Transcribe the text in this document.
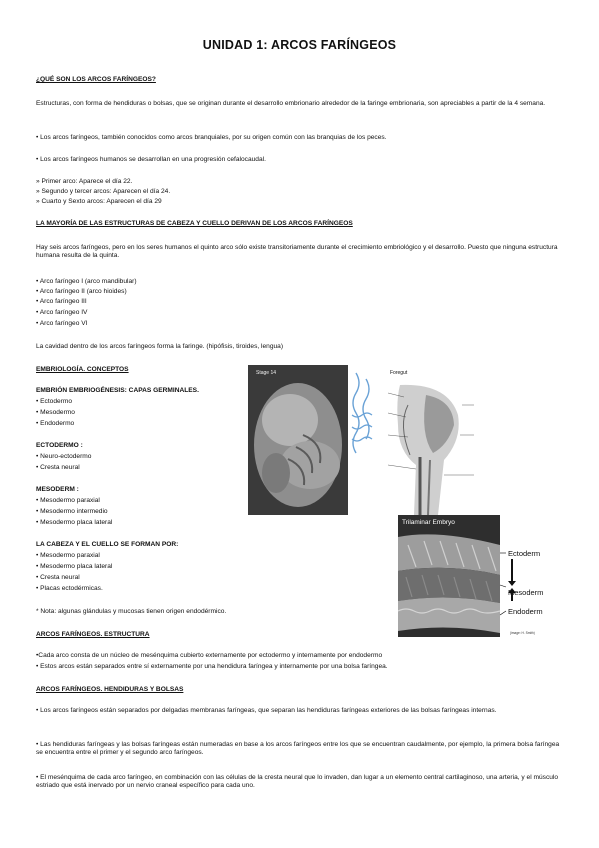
UNIDAD 1: ARCOS FARÍNGEOS
¿QUÉ SON LOS ARCOS FARÍNGEOS?
Estructuras, con forma de hendiduras o bolsas, que se originan durante el desarrollo embrionario alrededor de la faringe embrionaria, son apreciables a partir de la 4 semana.
• Los arcos faríngeos, también conocidos como arcos branquiales, por su origen común con las branquias de los peces.
• Los arcos faríngeos humanos se desarrollan en una progresión cefalocaudal.
» Primer arco: Aparece el día 22.
» Segundo y tercer arcos: Aparecen el día 24.
» Cuarto y Sexto arcos: Aparecen el día 29
LA MAYORÍA DE LAS ESTRUCTURAS DE CABEZA Y CUELLO DERIVAN DE LOS ARCOS FARÍNGEOS
Hay seis arcos faríngeos, pero en los seres humanos el quinto arco sólo existe transitoriamente durante el crecimiento embriológico y el desarrollo. Puesto que ninguna estructura humana resulta de la quinta.
• Arco faríngeo I (arco mandibular)
• Arco faríngeo II (arco hioides)
• Arco faríngeo III
• Arco faríngeo IV
• Arco faríngeo VI
La cavidad dentro de los arcos faríngeos forma la faringe. (hipófisis, tiroides, lengua)
EMBRIOLOGÍA. CONCEPTOS
EMBRIÓN EMBRIOGÉNESIS: CAPAS GERMINALES.
• Ectodermo
• Mesodermo
• Endodermo
ECTODERMO :
• Neuro-ectodermo
• Cresta neural
MESODERM :
• Mesodermo paraxial
• Mesodermo intermedio
• Mesodermo placa lateral
LA CABEZA Y EL CUELLO SE FORMAN POR:
• Mesodermo paraxial
• Mesodermo placa lateral
• Cresta neural
• Placas ectodérmicas.
* Nota: algunas glándulas y mucosas tienen origen endodérmico.
ARCOS FARÍNGEOS. ESTRUCTURA
•Cada arco consta de un núcleo de mesénquima cubierto externamente por ectodermo y internamente por endodermo
• Estos arcos están separados entre sí externamente por una hendidura faríngea y internamente por una bolsa faríngea.
ARCOS FARÍNGEOS. HENDIDURAS Y BOLSAS
• Los arcos faríngeos están separados por delgadas membranas faríngeas, que separan las hendiduras faríngeas exteriores de las bolsas faríngeas internas.
• Las hendiduras faríngeas y las bolsas faríngeas están numeradas en base a los arcos faríngeos entre los que se encuentran caudalmente, por ejemplo, la primera bolsa faríngea se encuentra entre el primer y el segundo arco faríngeos.
• El mesénquima de cada arco faríngeo, en combinación con las células de la cresta neural que lo invaden, dan lugar a un elemento central cartilaginoso, una arteria, y el músculo estriado que está inervado por un nervio craneal específico para cada uno.
Stage 14	Foregut
Trilaminar Embryo
Ectoderm
Mesoderm
Endoderm
(image: H. Smith)
